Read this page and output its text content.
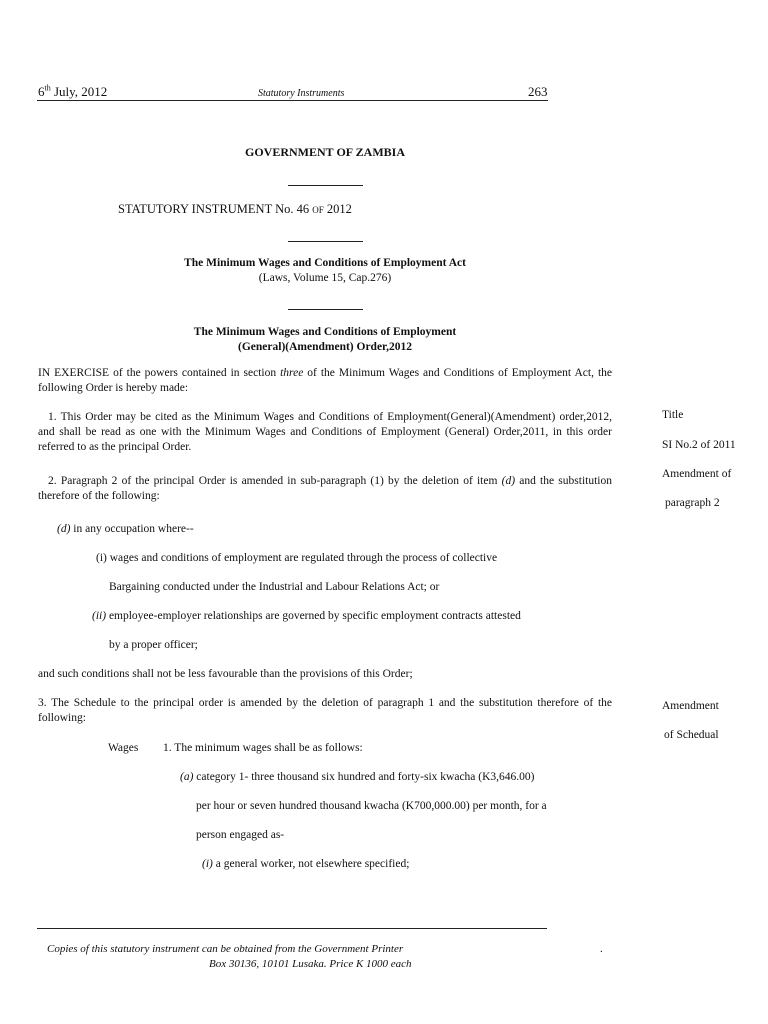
6th July, 2012	Statutory Instruments	263
GOVERNMENT OF ZAMBIA
STATUTORY INSTRUMENT No. 46 OF 2012
The Minimum Wages and Conditions of Employment Act
(Laws, Volume 15, Cap.276)
The Minimum Wages and Conditions of Employment
(General)(Amendment) Order,2012
IN EXERCISE of the powers contained in section three of the Minimum Wages and Conditions of Employment Act, the following Order is hereby made:
1. This Order may be cited as the Minimum Wages and Conditions of Employment(General)(Amendment) order,2012, and shall be read as one with the Minimum Wages and Conditions of Employment (General) Order,2011, in this order referred to as the principal Order.
2. Paragraph 2 of the principal Order is amended in sub-paragraph (1) by the deletion of item (d) and the substitution therefore of the following:
(d) in any occupation where--
(i) wages and conditions of employment are regulated through the process of collective
Bargaining conducted under the Industrial and Labour Relations Act; or
(ii) employee-employer relationships are governed by specific employment contracts attested
by a proper officer;
and such conditions shall not be less favourable than the provisions of this Order;
3. The Schedule to the principal order is amended by the deletion of paragraph 1 and the substitution therefore of the following:
Wages 1. The minimum wages shall be as follows:
(a) category 1- three thousand six hundred and forty-six kwacha (K3,646.00)
per hour or seven hundred thousand kwacha (K700,000.00) per month, for a
person engaged as-
(i) a general worker, not elsewhere specified;
Title
SI No.2 of 2011
Amendment of
paragraph 2
Amendment
of Schedual
Copies of this statutory instrument can be obtained from the Government Printer	.
Box 30136, 10101 Lusaka. Price K 1000 each
